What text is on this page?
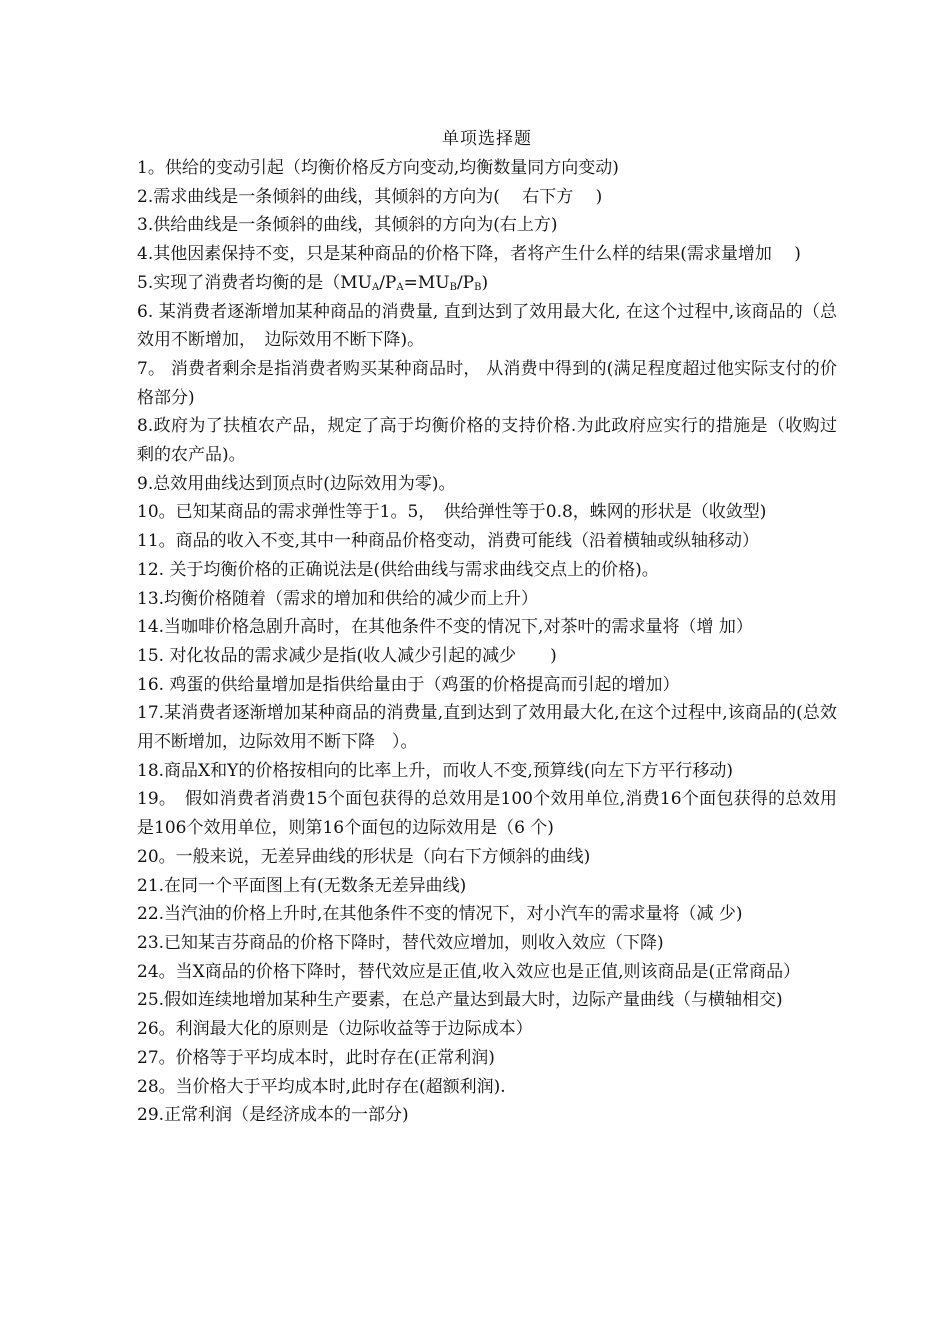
单项选择题

1。供给的变动引起（均衡价格反方向变动,均衡数量同方向变动)

2.需求曲线是一条倾斜的曲线，其倾斜的方向为(　 右下方　 )

3.供给曲线是一条倾斜的曲线，其倾斜的方向为(右上方)

4.其他因素保持不变，只是某种商品的价格下降，者将产生什么样的结果(需求量增加　 )

5.实现了消费者均衡的是$(MU_A/P_A=MU_B/P_B)$

6. 某消费者逐渐增加某种商品的消费量, 直到达到了效用最大化, 在这个过程中,该商品的（总效用不断增加，　边际效用不断下降)。

7。 消费者剩余是指消费者购买某种商品时， 从消费中得到的(满足程度超过他实际支付的价格部分)

8.政府为了扶植农产品，规定了高于均衡价格的支持价格.为此政府应实行的措施是（收购过剩的农产品)。

9.总效用曲线达到顶点时(边际效用为零)。

10。已知某商品的需求弹性等于1。5，　供给弹性等于0.8，蛛网的形状是（收敛型)

11。商品的收入不变,其中一种商品价格变动，消费可能线（沿着横轴或纵轴移动）

12. 关于均衡价格的正确说法是(供给曲线与需求曲线交点上的价格)。

13.均衡价格随着（需求的增加和供给的减少而上升）

14.当咖啡价格急剧升高时，在其他条件不变的情况下,对茶叶的需求量将（增 加）

15. 对化妆品的需求减少是指(收人减少引起的减少　　)

16. 鸡蛋的供给量增加是指供给量由于（鸡蛋的价格提高而引起的增加）

17.某消费者逐渐增加某种商品的消费量,直到达到了效用最大化,在这个过程中,该商品的(总效用不断增加，边际效用不断下降　）。

18.商品X和Y的价格按相向的比率上升，而收人不变,预算线(向左下方平行移动)

19。　假如消费者消费15个面包获得的总效用是100个效用单位,消费16个面包获得的总效用是106个效用单位，则第16个面包的边际效用是（6 个)

20。一般来说，无差异曲线的形状是（向右下方倾斜的曲线)

21.在同一个平面图上有(无数条无差异曲线)

22.当汽油的价格上升时,在其他条件不变的情况下，对小汽车的需求量将（减 少)

23.已知某吉芬商品的价格下降时，替代效应增加，则收入效应（下降)

24。当X商品的价格下降时，替代效应是正值,收入效应也是正值,则该商品是(正常商品）

25.假如连续地增加某种生产要素，在总产量达到最大时，边际产量曲线（与横轴相交)

26。利润最大化的原则是（边际收益等于边际成本）

27。价格等于平均成本时，此时存在(正常利润)

28。当价格大于平均成本时,此时存在(超额利润).

29.正常利润（是经济成本的一部分)
